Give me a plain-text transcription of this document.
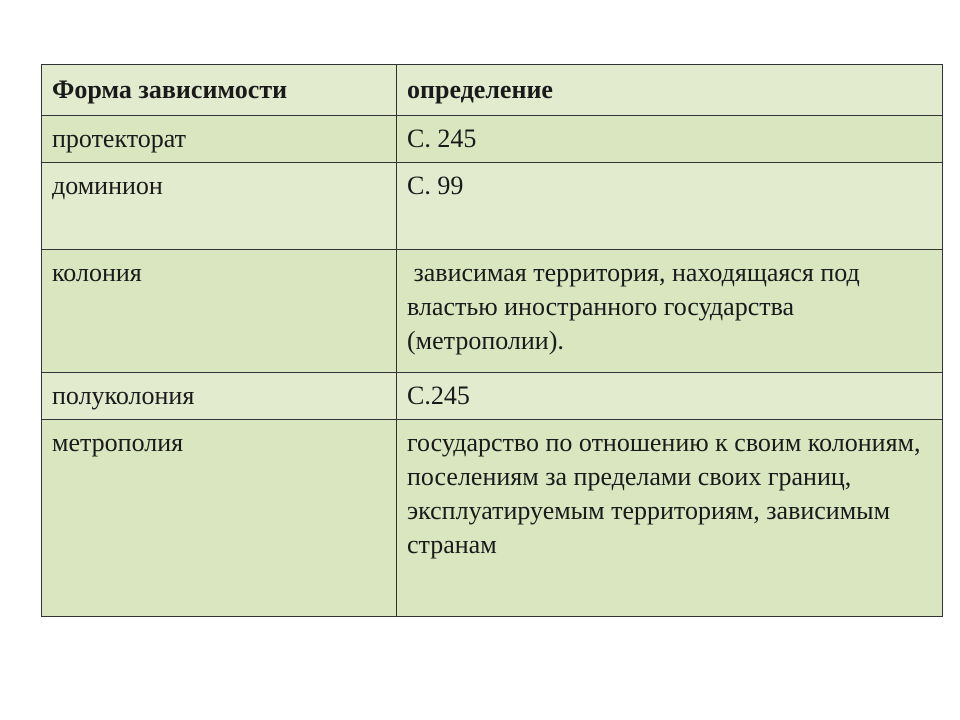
Форма зависимости	определение
протекторат	С. 245
доминион	С. 99
колония	зависимая территория, находящаяся под властью иностранного государства (метрополии).
полуколония	С.245
метрополия	государство по отношению к своим колониям, поселениям за пределами своих границ, эксплуатируемым территориям, зависимым странам
